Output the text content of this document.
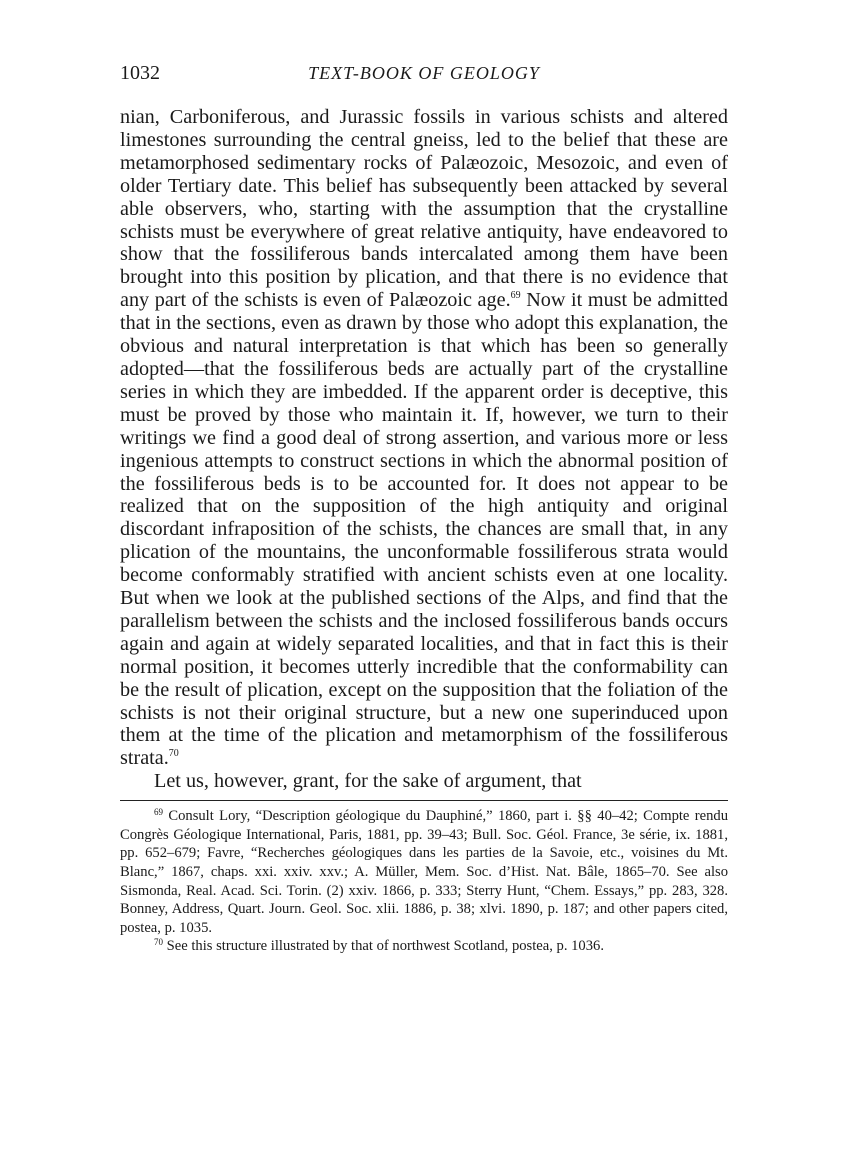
1032	TEXT-BOOK OF GEOLOGY

nian, Carboniferous, and Jurassic fossils in various schists and altered limestones surrounding the central gneiss, led to the belief that these are metamorphosed sedimentary rocks of Palæozoic, Mesozoic, and even of older Tertiary date. This belief has subsequently been attacked by several able observers, who, starting with the assumption that the crystalline schists must be everywhere of great relative antiquity, have endeavored to show that the fossiliferous bands intercalated among them have been brought into this position by plication, and that there is no evidence that any part of the schists is even of Palæozoic age.$^{69}$ Now it must be admitted that in the sections, even as drawn by those who adopt this explanation, the obvious and natural interpretation is that which has been so generally adopted—that the fossiliferous beds are actually part of the crystalline series in which they are imbedded. If the apparent order is deceptive, this must be proved by those who maintain it. If, however, we turn to their writings we find a good deal of strong assertion, and various more or less ingenious attempts to construct sections in which the abnormal position of the fossiliferous beds is to be accounted for. It does not appear to be realized that on the supposition of the high antiquity and original discordant infraposition of the schists, the chances are small that, in any plication of the mountains, the unconformable fossiliferous strata would become conformably stratified with ancient schists even at one locality. But when we look at the published sections of the Alps, and find that the parallelism between the schists and the inclosed fossiliferous bands occurs again and again at widely separated localities, and that in fact this is their normal position, it becomes utterly incredible that the conformability can be the result of plication, except on the supposition that the foliation of the schists is not their original structure, but a new one superinduced upon them at the time of the plication and metamorphism of the fossiliferous strata.$^{70}$

Let us, however, grant, for the sake of argument, that

$^{69}$ Consult Lory, “Description géologique du Dauphiné,” 1860, part i. §§ 40–42; Compte rendu Congrès Géologique International, Paris, 1881, pp. 39–43; Bull. Soc. Géol. France, 3e série, ix. 1881, pp. 652–679; Favre, “Recherches géologiques dans les parties de la Savoie, etc., voisines du Mt. Blanc,” 1867, chaps. xxi. xxiv. xxv.; A. Müller, Mem. Soc. d’Hist. Nat. Bâle, 1865–70. See also Sismonda, Real. Acad. Sci. Torin. (2) xxiv. 1866, p. 333; Sterry Hunt, “Chem. Essays,” pp. 283, 328. Bonney, Address, Quart. Journ. Geol. Soc. xlii. 1886, p. 38; xlvi. 1890, p. 187; and other papers cited, postea, p. 1035.

$^{70}$ See this structure illustrated by that of northwest Scotland, postea, p. 1036.
